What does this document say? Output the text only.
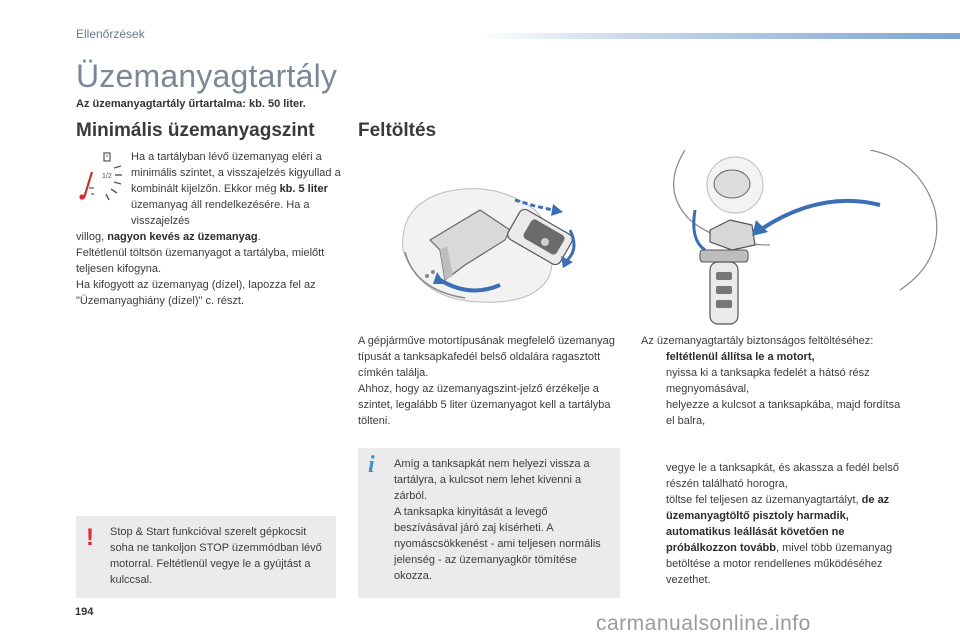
Ellenőrzések
Üzemanyagtartály
Az üzemanyagtartály űrtartalma: kb. 50 liter.
Minimális üzemanyagszint Feltöltés
1/2
Ha a tartályban lévő üzemanyag eléri a minimális szintet, a visszajelzés kigyullad a kombinált kijelzőn. Ekkor még kb. 5 liter üzemanyag áll rendelkezésére. Ha a visszajelzés
villog, nagyon kevés az üzemanyag.
Feltétlenül töltsön üzemanyagot a tartályba, mielőtt teljesen kifogyna.
Ha kifogyott az üzemanyag (dízel), lapozza fel az "Üzemanyaghiány (dízel)" c. részt.
A gépjárműve motortípusának megfelelő üzemanyag típusát a tanksapkafedél belső oldalára ragasztott címkén találja.
Ahhoz, hogy az üzemanyagszint-jelző érzékelje a szintet, legalább 5 liter üzemanyagot kell a tartályba tölteni.
Az üzemanyagtartály biztonságos feltöltéséhez:
feltétlenül állítsa le a motort,
nyissa ki a tanksapka fedelét a hátsó rész megnyomásával,
helyezze a kulcsot a tanksapkába, majd fordítsa el balra,
vegye le a tanksapkát, és akassza a fedél belső részén található horogra,
töltse fel teljesen az üzemanyagtartályt, de az üzemanyagtöltő pisztoly harmadik, automatikus leállását követően ne próbálkozzon tovább, mivel több üzemanyag betöltése a motor rendellenes működéséhez vezethet.
! Stop & Start funkcióval szerelt gépkocsit soha ne tankoljon STOP üzemmódban lévő motorral. Feltétlenül vegye le a gyújtást a kulccsal.
i Amíg a tanksapkát nem helyezi vissza a tartályra, a kulcsot nem lehet kivenni a zárból.
A tanksapka kinyitását a levegő beszívásával járó zaj kísérheti. A nyomáscsökkenést - ami teljesen normális jelenség - az üzemanyagkör tömítése okozza.
194	carmanualsonline.info
